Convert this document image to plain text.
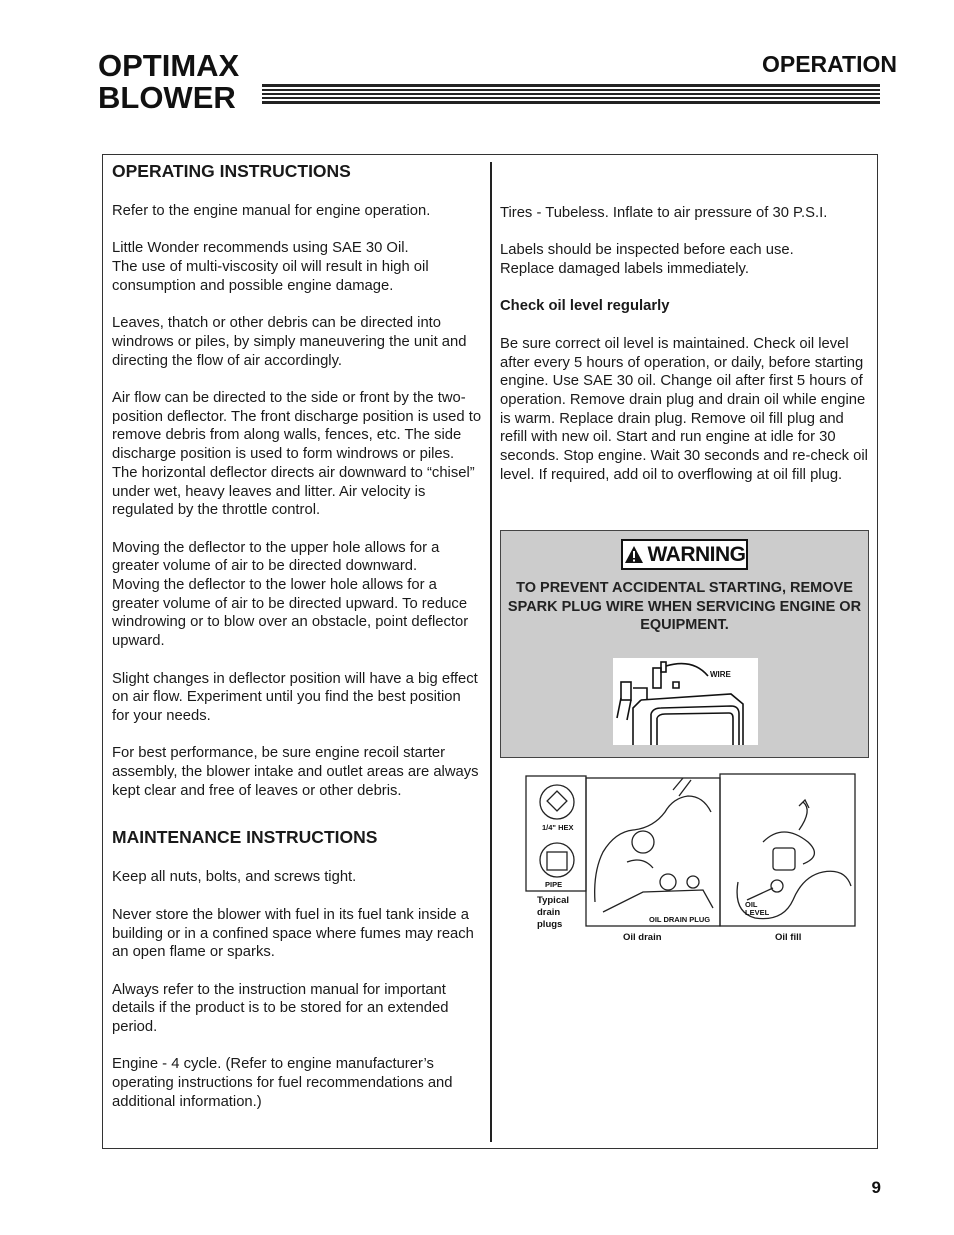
OPTIMAX
BLOWER
OPERATION
OPERATING INSTRUCTIONS

Refer to the engine manual for engine operation.

Little Wonder recommends using SAE 30 Oil.
The use of multi-viscosity oil will result in high oil consumption and possible engine damage.

Leaves, thatch or other debris can be directed into windrows or piles, by simply maneuvering the unit and directing the flow of air accordingly.

Air flow can be directed to the side or front by the two-position deflector. The front discharge position is used to remove debris from along walls, fences, etc. The side discharge position is used to form windrows or piles. The horizontal deflector directs air downward to “chisel” under wet, heavy leaves and litter. Air velocity is regulated by the throttle control.

Moving the deflector to the upper hole allows for a greater volume of air to be directed downward.
Moving the deflector to the lower hole allows for a greater volume of air to be directed upward. To reduce windrowing or to blow over an obstacle, point deflector upward.

Slight changes in deflector position will have a big effect on air flow. Experiment until you find the best position for your needs.

For best performance, be sure engine recoil starter assembly, the blower intake and outlet areas are always kept clear and free of leaves or other debris.

MAINTENANCE INSTRUCTIONS

Keep all nuts, bolts, and screws tight.

Never store the blower with fuel in its fuel tank inside a building or in a confined space where fumes may reach an open flame or sparks.

Always refer to the instruction manual for important details if the product is to be stored for an extended period.

Engine - 4 cycle. (Refer to engine manufacturer’s operating instructions for fuel recommendations and additional information.)

Tires - Tubeless. Inflate to air pressure of 30 P.S.I.

Labels should be inspected before each use.
Replace damaged labels immediately.

Check oil level regularly

Be sure correct oil level is maintained. Check oil level after every 5 hours of operation, or daily, before starting engine. Use SAE 30 oil. Change oil after first 5 hours of operation. Remove drain plug and drain oil while engine is warm. Replace drain plug. Remove oil fill plug and refill with new oil. Start and run engine at idle for 30 seconds. Stop engine. Wait 30 seconds and re-check oil level. If required, add oil to overflowing at oil fill plug.

WARNING
TO PREVENT ACCIDENTAL STARTING, REMOVE SPARK PLUG WIRE WHEN SERVICING ENGINE OR EQUIPMENT.
WIRE
1/4" HEX
PIPE
OIL DRAIN PLUG
OIL
LEVEL
Typical
drain
plugs
Oil drain	Oil fill
9
